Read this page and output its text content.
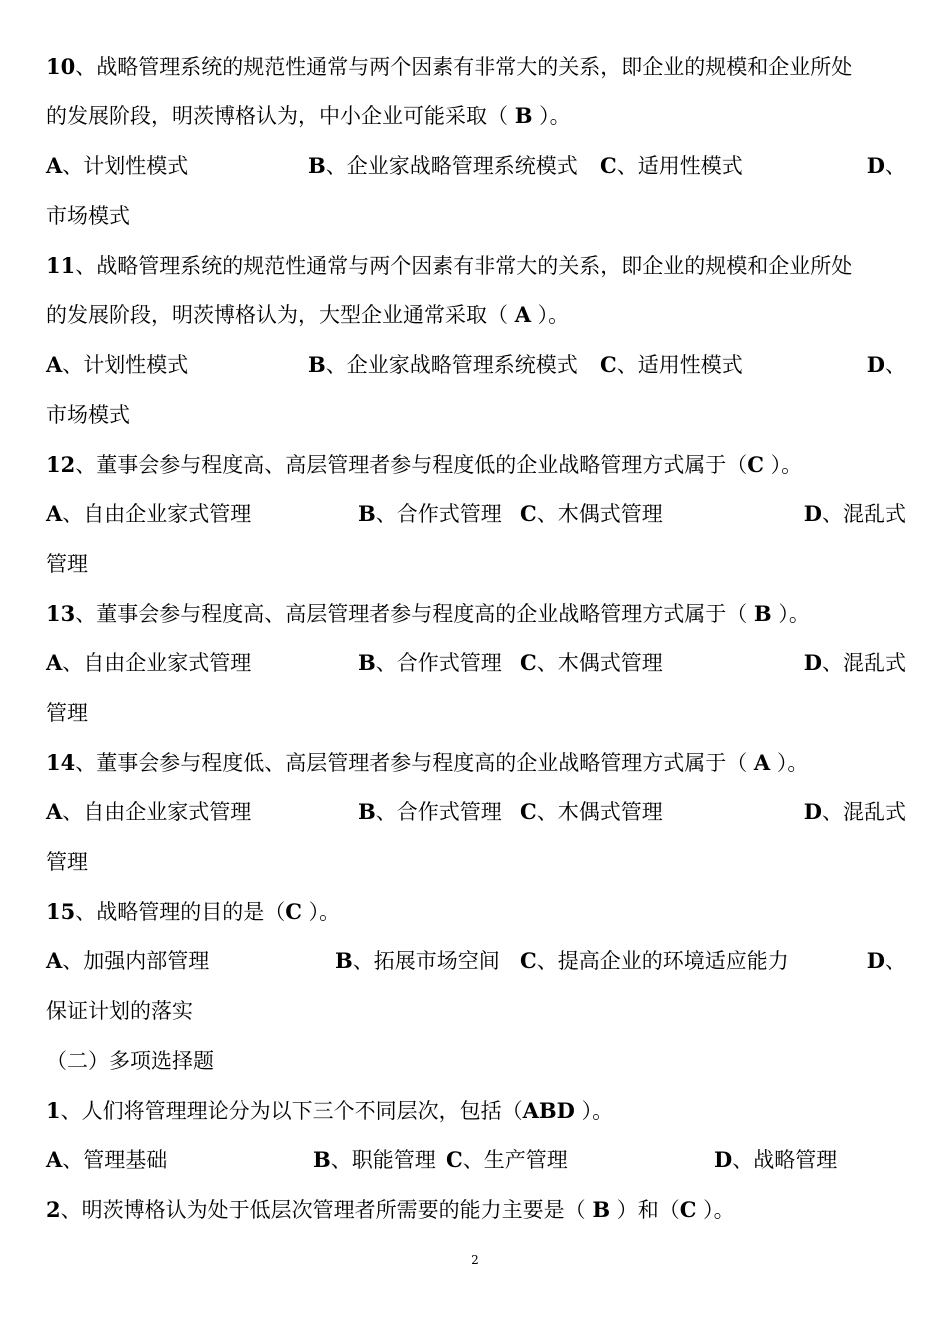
10、战略管理系统的规范性通常与两个因素有非常大的关系，即企业的规模和企业所处
的发展阶段，明茨博格认为，中小企业可能采取（ B ）。
A、计划性模式	B、企业家战略管理系统模式 C、适用性模式	D、
市场模式
11、战略管理系统的规范性通常与两个因素有非常大的关系，即企业的规模和企业所处
的发展阶段，明茨博格认为，大型企业通常采取（ A ）。
A、计划性模式	B、企业家战略管理系统模式 C、适用性模式	D、
市场模式
12、董事会参与程度高、高层管理者参与程度低的企业战略管理方式属于（C ）。
A、自由企业家式管理	B、合作式管理 C、木偶式管理	D、混乱式
管理
13、董事会参与程度高、高层管理者参与程度高的企业战略管理方式属于（ B ）。
A、自由企业家式管理	B、合作式管理 C、木偶式管理	D、混乱式
管理
14、董事会参与程度低、高层管理者参与程度高的企业战略管理方式属于（ A ）。
A、自由企业家式管理	B、合作式管理 C、木偶式管理	D、混乱式
管理
15、战略管理的目的是（C ）。
A、加强内部管理	B、拓展市场空间 C、提高企业的环境适应能力	D、
保证计划的落实
（二）多项选择题
1、人们将管理理论分为以下三个不同层次，包括（ABD ）。
A、管理基础	B、职能管理 C、生产管理	D、战略管理
2、明茨博格认为处于低层次管理者所需要的能力主要是（ B ）和（C ）。
2
